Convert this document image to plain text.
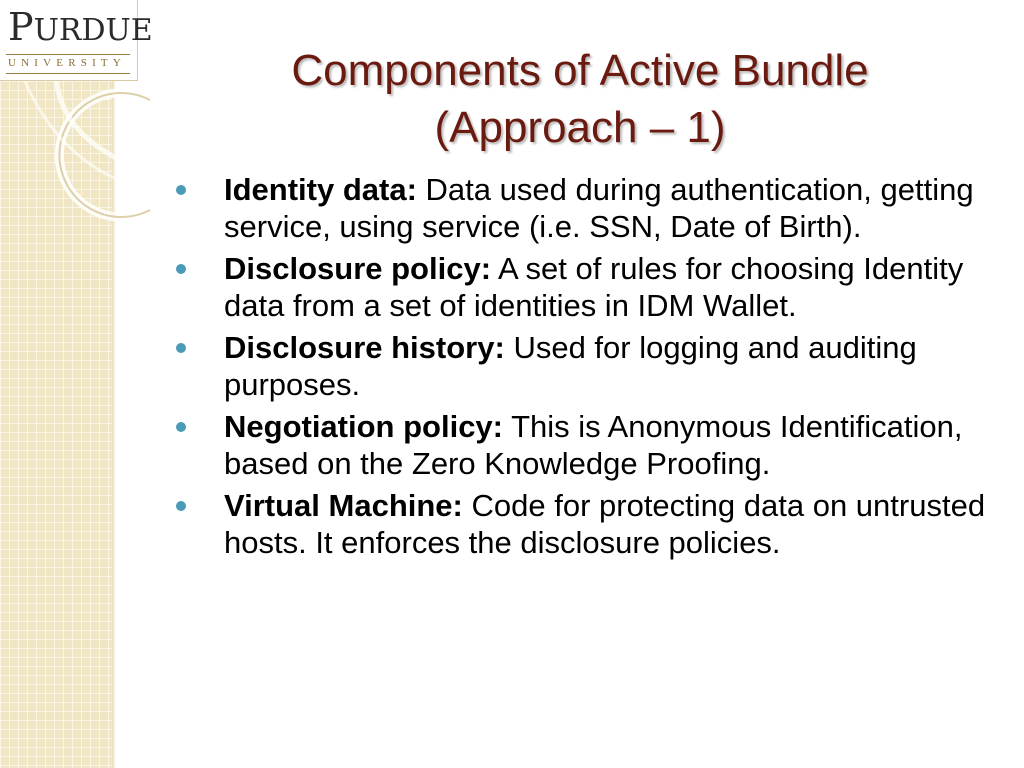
PURDUE
UNIVERSITY	Components of Active Bundle
(Approach – 1)
Identity data: Data used during authentication, getting service, using service (i.e. SSN, Date of Birth).
Disclosure policy: A set of rules for choosing Identity data from a set of identities in IDM Wallet.
Disclosure history: Used for logging and auditing purposes.
Negotiation policy: This is Anonymous Identification, based on the Zero Knowledge Proofing.
Virtual Machine: Code for protecting data on untrusted hosts. It enforces the disclosure policies.
